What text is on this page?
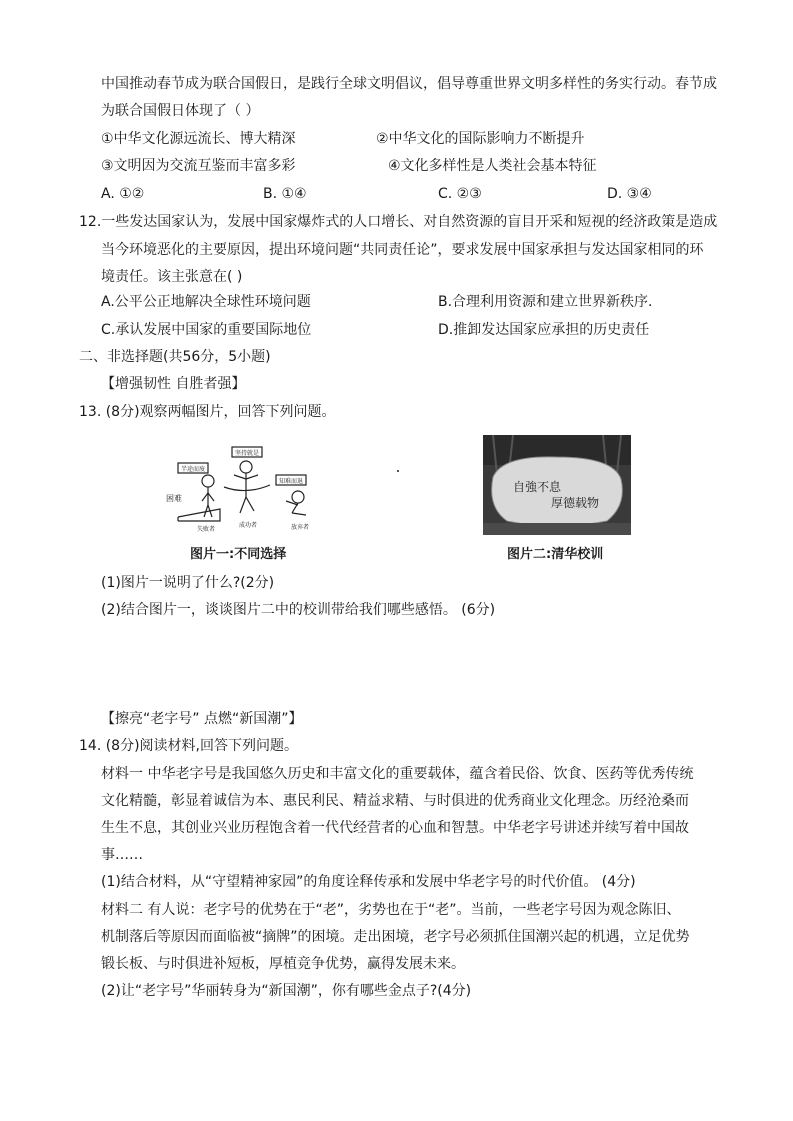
中国推动春节成为联合国假日，是践行全球文明倡议，倡导尊重世界文明多样性的务实行动。春节成
为联合国假日体现了（ ）
①中华文化源远流长、博大精深	②中华文化的国际影响力不断提升
③文明因为交流互鉴而丰富多彩	④文化多样性是人类社会基本特征
A. ①②	B. ①④	C. ②③	D. ③④
12.一些发达国家认为，发展中国家爆炸式的人口增长、对自然资源的盲目开采和短视的经济政策是造成
当今环境恶化的主要原因，提出环境问题“共同责任论”，要求发展中国家承担与发达国家相同的环
境责任。该主张意在( )
A.公平公正地解决全球性环境问题	B.合理利用资源和建立世界新秩序.
C.承认发展中国家的重要国际地位	D.推卸发达国家应承担的历史责任
二、非选择题(共56分，5小题)
【增强韧性 自胜者强】
13. (8分)观察两幅图片，回答下列问题。
半途而废
坚持就是
知难而退
困难
失败者
成功者	放弃者
图片一:不同选择
自強不息
厚德载物
图片二:清华校训
(1)图片一说明了什么?(2分)
(2)结合图片一，谈谈图片二中的校训带给我们哪些感悟。 (6分)
【擦亮“老字号” 点燃“新国潮”】
14. (8分)阅读材料,回答下列问题。
材料一 中华老字号是我国悠久历史和丰富文化的重要载体，蕴含着民俗、饮食、医药等优秀传统
文化精髓，彰显着诚信为本、惠民利民、精益求精、与时俱进的优秀商业文化理念。历经沧桑而
生生不息，其创业兴业历程饱含着一代代经营者的心血和智慧。中华老字号讲述并续写着中国故
事……
(1)结合材料，从“守望精神家园”的角度诠释传承和发展中华老字号的时代价值。 (4分)
材料二 有人说：老字号的优势在于“老”，劣势也在于“老”。当前，一些老字号因为观念陈旧、
机制落后等原因而面临被“摘牌”的困境。走出困境，老字号必须抓住国潮兴起的机遇，立足优势
锻长板、与时俱进补短板，厚植竞争优势，赢得发展未来。
(2)让“老字号”华丽转身为“新国潮”，你有哪些金点子?(4分)
